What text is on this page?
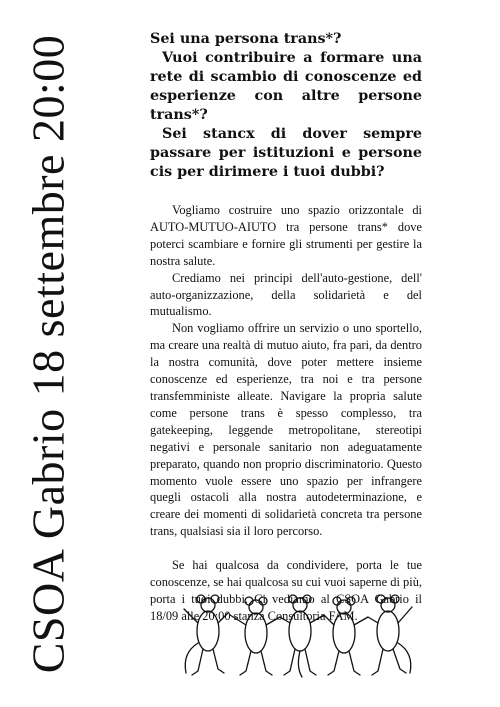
CSOA Gabrio 18 settembre 20:00	Sei una persona trans*?

Vuoi contribuire a formare una rete di scambio di conoscenze ed esperienze con altre persone trans*?

Sei stancx di dover sempre passare per istituzioni e persone cis per dirimere i tuoi dubbi?

Vogliamo costruire uno spazio orizzontale di AUTO-MUTUO-AIUTO tra persone trans* dove poterci scambiare e fornire gli strumenti per gestire la nostra salute.

Crediamo nei principi dell'auto-gestione, dell' auto-organizzazione, della solidarietà e del mutualismo.

Non vogliamo offrire un servizio o uno sportello, ma creare una realtà di mutuo aiuto, fra pari, da dentro la nostra comunità, dove poter mettere insieme conoscenze ed esperienze, tra noi e tra persone transfemministe alleate. Navigare la propria salute come persone trans è spesso complesso, tra gatekeeping, leggende metropolitane, stereotipi negativi e personale sanitario non adeguatamente preparato, quando non proprio discriminatorio. Questo momento vuole essere uno spazio per infrangere quegli ostacoli alla nostra autodeterminazione, e creare dei momenti di solidarietà concreta tra persone trans, qualsiasi sia il loro percorso.

Se hai qualcosa da condividere, porta le tue conoscenze, se hai qualcosa su cui vuoi saperne di più, porta i tuoi dubbi. Ci vediamo al CSOA Gabrio il 18/09 alle 20:00 stanza Consultoria FAM.
